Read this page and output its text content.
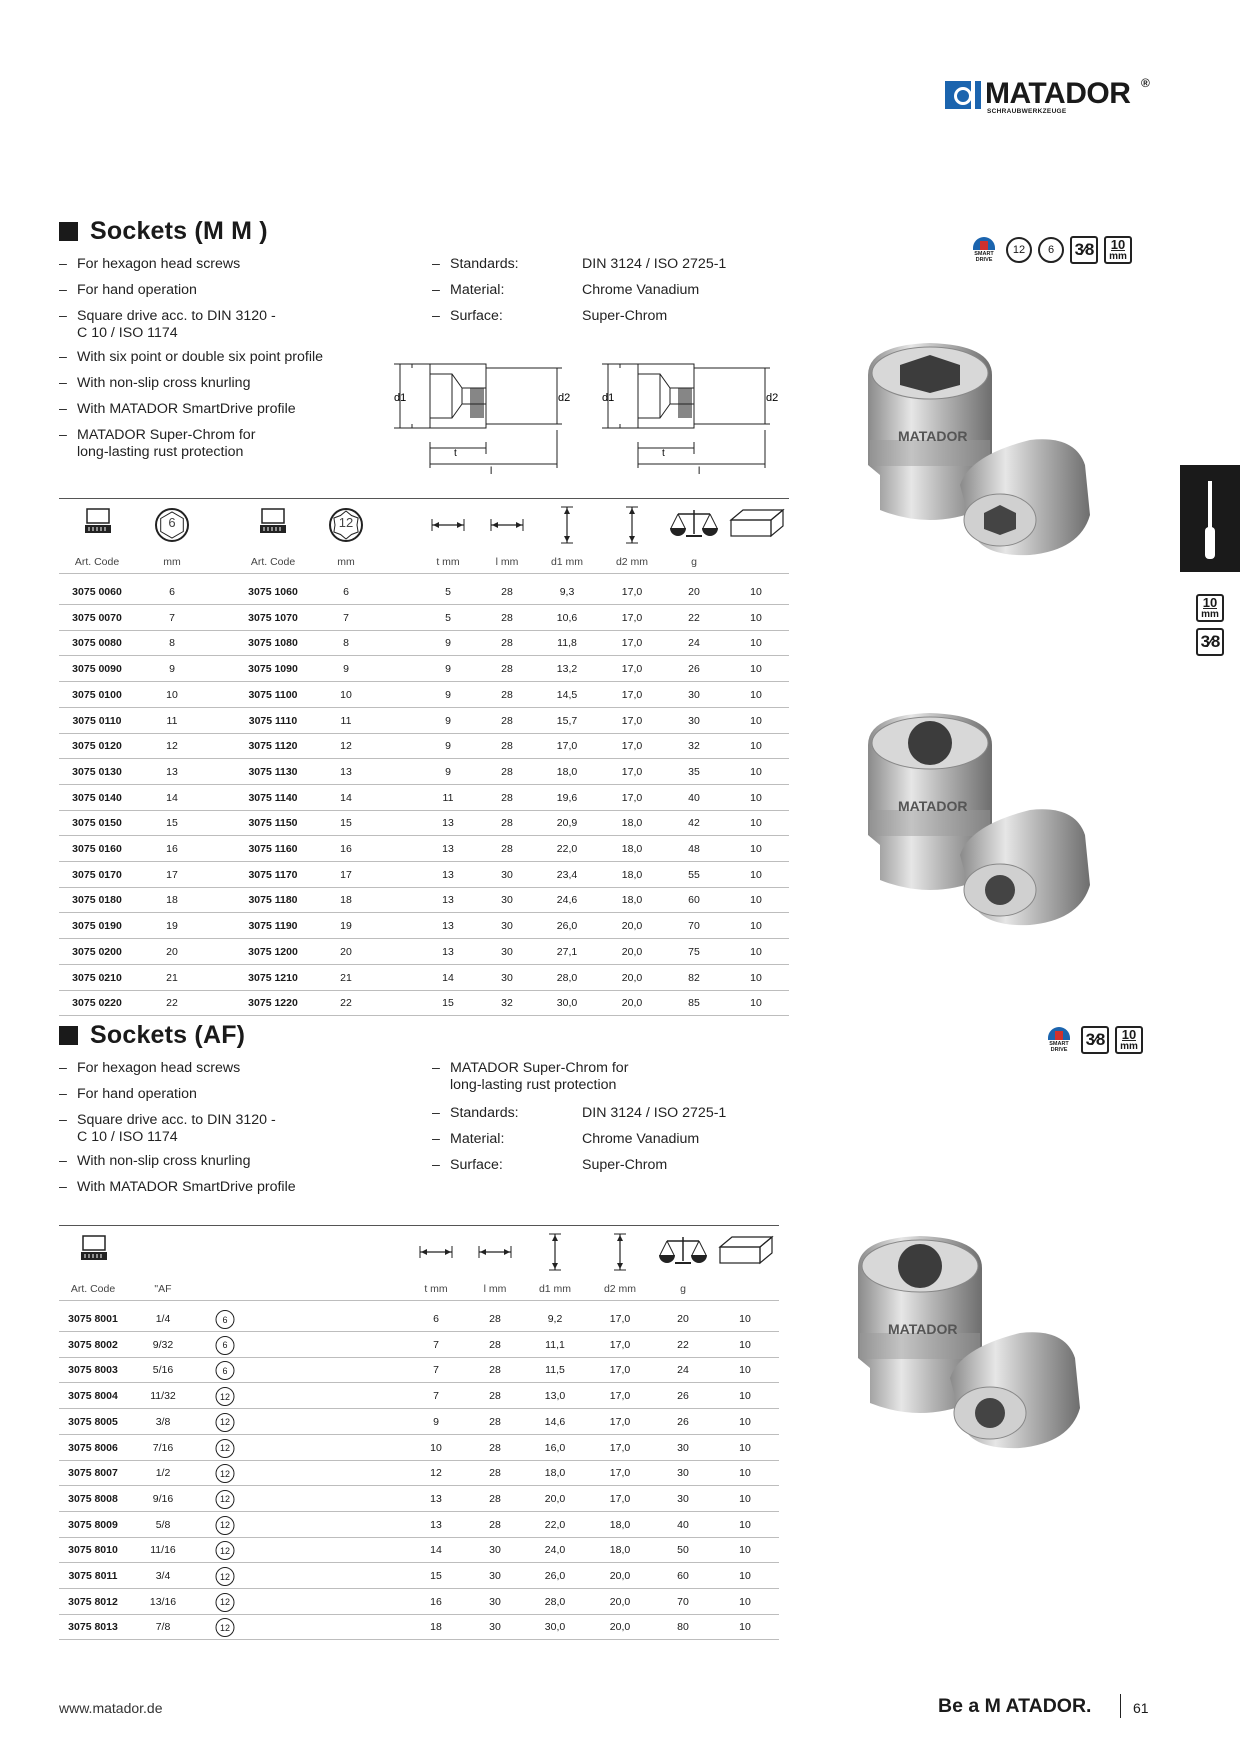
MATADOR ®
SCHRAUBWERKZEUGE
Sockets (M M )
SMART DRIVE
12	6	3⁄8	10
mm
– For hexagon head screws
– For hand operation
– Square drive acc. to DIN 3120 -
C 10 / ISO 1174
– With six point or double six point profile
– With non-slip cross knurling
– With MATADOR SmartDrive profile
– MATADOR Super-Chrom for
long-lasting rust protection
– Standards:	DIN 3124 / ISO 2725-1
– Material:	Chrome Vanadium
– Surface:	Super-Chrom
d1	d2
t
l
d1	d2
t
l
6	12
Art. Code	mm	Art. Code	mm	t mm	l mm	d1 mm	d2 mm	g
3075 0060	6	3075 1060	6	5	28	9,3	17,0	20	10
3075 0070	7	3075 1070	7	5	28	10,6	17,0	22	10
3075 0080	8	3075 1080	8	9	28	11,8	17,0	24	10
3075 0090	9	3075 1090	9	9	28	13,2	17,0	26	10
3075 0100	10	3075 1100	10	9	28	14,5	17,0	30	10
3075 0110	11	3075 1110	11	9	28	15,7	17,0	30	10
3075 0120	12	3075 1120	12	9	28	17,0	17,0	32	10
3075 0130	13	3075 1130	13	9	28	18,0	17,0	35	10
3075 0140	14	3075 1140	14	11	28	19,6	17,0	40	10
3075 0150	15	3075 1150	15	13	28	20,9	18,0	42	10
3075 0160	16	3075 1160	16	13	28	22,0	18,0	48	10
3075 0170	17	3075 1170	17	13	30	23,4	18,0	55	10
3075 0180	18	3075 1180	18	13	30	24,6	18,0	60	10
3075 0190	19	3075 1190	19	13	30	26,0	20,0	70	10
3075 0200	20	3075 1200	20	13	30	27,1	20,0	75	10
3075 0210	21	3075 1210	21	14	30	28,0	20,0	82	10
3075 0220	22	3075 1220	22	15	32	30,0	20,0	85	10
Sockets (AF)	SMART DRIVE
3⁄8	10
mm
– For hexagon head screws
– For hand operation
– Square drive acc. to DIN 3120 -
C 10 / ISO 1174
– With non-slip cross knurling
– With MATADOR SmartDrive profile
– MATADOR Super-Chrom for
long-lasting rust protection
– Standards:	DIN 3124 / ISO 2725-1
– Material:	Chrome Vanadium
– Surface:	Super-Chrom
Art. Code	"AF	t mm	l mm	d1 mm	d2 mm	g
3075 8001	1/4	6	6	28	9,2	17,0	20	10
3075 8002	9/32	6	7	28	11,1	17,0	22	10
3075 8003	5/16	6	7	28	11,5	17,0	24	10
3075 8004	11/32	12	7	28	13,0	17,0	26	10
3075 8005	3/8	12	9	28	14,6	17,0	26	10
3075 8006	7/16	12	10	28	16,0	17,0	30	10
3075 8007	1/2	12	12	28	18,0	17,0	30	10
3075 8008	9/16	12	13	28	20,0	17,0	30	10
3075 8009	5/8	12	13	28	22,0	18,0	40	10
3075 8010	11/16	12	14	30	24,0	18,0	50	10
3075 8011	3/4	12	15	30	26,0	20,0	60	10
3075 8012	13/16	12	16	30	28,0	20,0	70	10
3075 8013	7/8	12	18	30	30,0	20,0	80	10
MATADOR
MATADOR
MATADOR
10
mm
3⁄8
www.matador.de	Be a M ATADOR.	61
